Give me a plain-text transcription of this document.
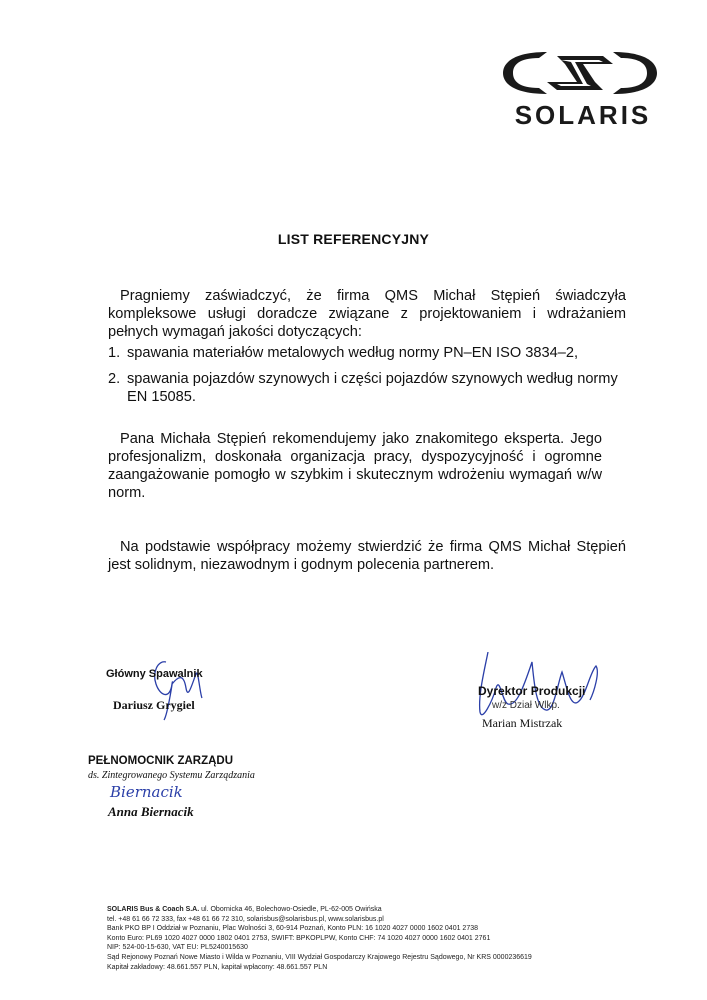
SOLARIS
LIST REFERENCYJNY
Pragniemy zaświadczyć, że firma QMS Michał Stępień świadczyła kompleksowe usługi doradcze związane z projektowaniem i wdrażaniem pełnych wymagań jakości dotyczących:
1. spawania materiałów metalowych według normy PN–EN ISO 3834–2,
2. spawania pojazdów szynowych i części pojazdów szynowych według normy EN 15085.
Pana Michała Stępień rekomendujemy jako znakomitego eksperta. Jego profesjonalizm, doskonała organizacja pracy, dyspozycyjność i ogromne zaangażowanie pomogło w szybkim i skutecznym wdrożeniu wymagań w/w norm.
Na podstawie współpracy możemy stwierdzić że firma QMS Michał Stępień jest solidnym, niezawodnym i godnym polecenia partnerem.
Główny Spawalnik
Dariusz Grygiel
Dyrektor Produkcji
w/z Dział Wlkp.
Marian Mistrzak
PEŁNOMOCNIK ZARZĄDU
ds. Zintegrowanego Systemu Zarządzania
Biernacik
Anna Biernacik
SOLARIS Bus & Coach S.A. ul. Obornicka 46, Bolechowo-Osiedle, PL-62-005 Owińska
tel. +48 61 66 72 333, fax +48 61 66 72 310, solarisbus@solarisbus.pl, www.solarisbus.pl
Bank PKO BP I Oddział w Poznaniu, Plac Wolności 3, 60-914 Poznań, Konto PLN: 16 1020 4027 0000 1602 0401 2738
Konto Euro: PL69 1020 4027 0000 1802 0401 2753, SWIFT: BPKOPLPW, Konto CHF: 74 1020 4027 0000 1602 0401 2761
NIP: 524-00-15-630, VAT EU: PL5240015630
Sąd Rejonowy Poznań Nowe Miasto i Wilda w Poznaniu, VIII Wydział Gospodarczy Krajowego Rejestru Sądowego, Nr KRS 0000236619
Kapitał zakładowy: 48.661.557 PLN, kapitał wpłacony: 48.661.557 PLN
